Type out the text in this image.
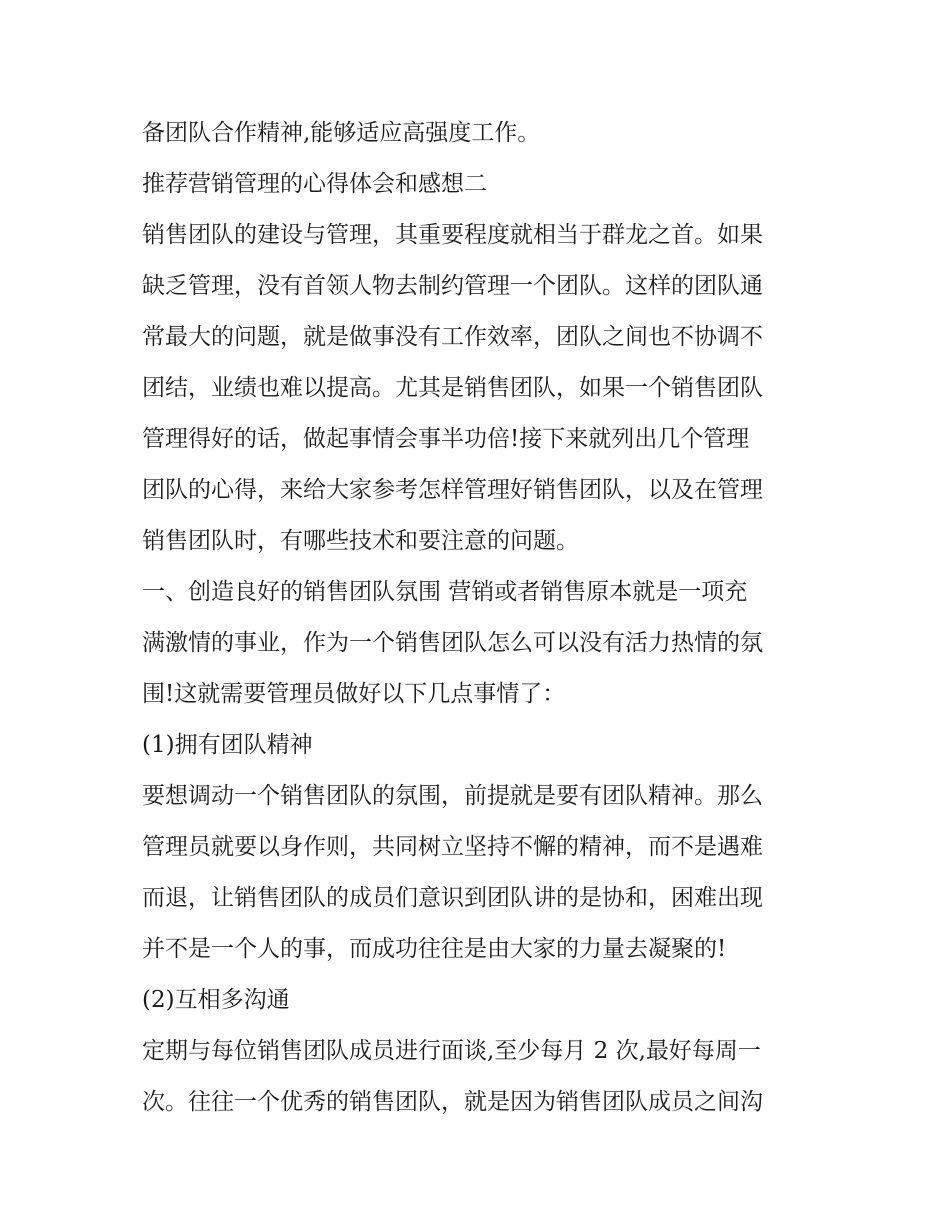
备团队合作精神,能够适应高强度工作。
推荐营销管理的心得体会和感想二
销售团队的建设与管理，其重要程度就相当于群龙之首。如果
缺乏管理，没有首领人物去制约管理一个团队。这样的团队通
常最大的问题，就是做事没有工作效率，团队之间也不协调不
团结，业绩也难以提高。尤其是销售团队，如果一个销售团队
管理得好的话，做起事情会事半功倍!接下来就列出几个管理
团队的心得，来给大家参考怎样管理好销售团队，以及在管理
销售团队时，有哪些技术和要注意的问题。
一、创造良好的销售团队氛围 营销或者销售原本就是一项充
满激情的事业，作为一个销售团队怎么可以没有活力热情的氛
围!这就需要管理员做好以下几点事情了：
(1)拥有团队精神
要想调动一个销售团队的氛围，前提就是要有团队精神。那么
管理员就要以身作则，共同树立坚持不懈的精神，而不是遇难
而退，让销售团队的成员们意识到团队讲的是协和，困难出现
并不是一个人的事，而成功往往是由大家的力量去凝聚的!
(2)互相多沟通
定期与每位销售团队成员进行面谈,至少每月 2 次,最好每周一
次。往往一个优秀的销售团队，就是因为销售团队成员之间沟
